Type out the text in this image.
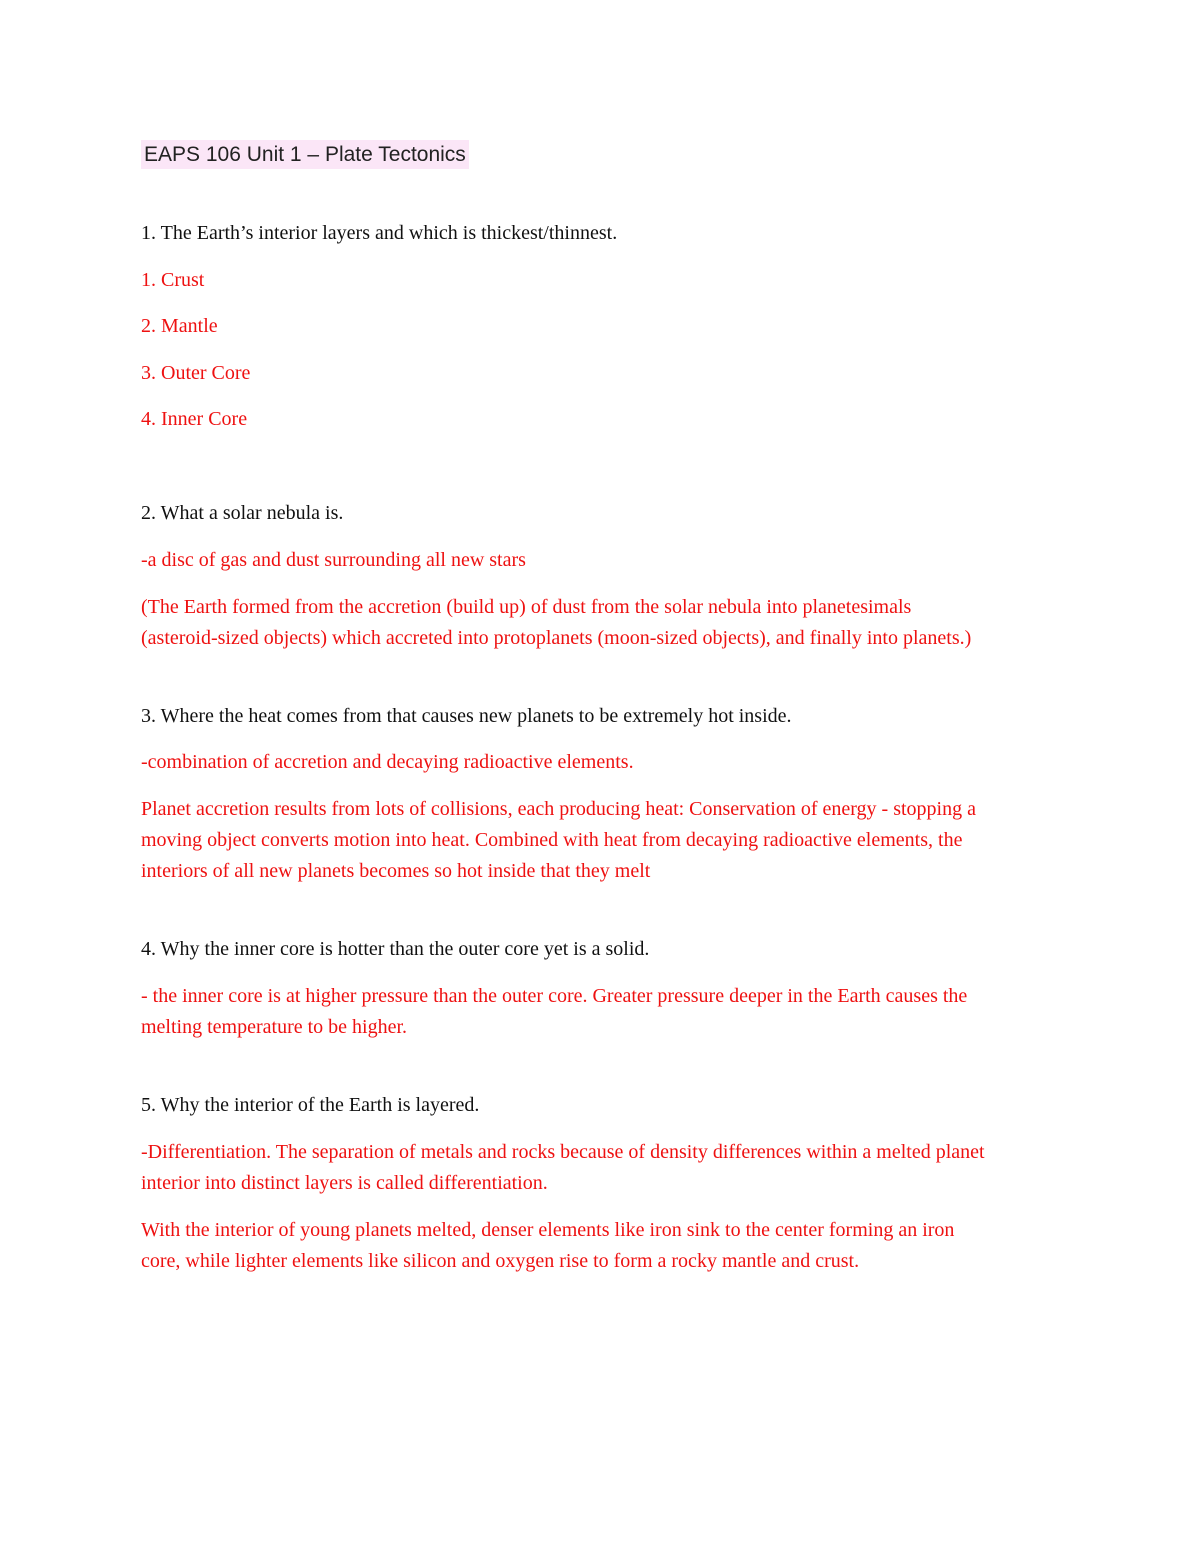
EAPS 106 Unit 1 – Plate Tectonics
1. The Earth’s interior layers and which is thickest/thinnest.
1. Crust
2. Mantle
3. Outer Core
4. Inner Core
2. What a solar nebula is.
-a disc of gas and dust surrounding all new stars
(The Earth formed from the accretion (build up) of dust from the solar nebula into planetesimals
(asteroid-sized objects) which accreted into protoplanets (moon-sized objects), and finally into planets.)
3. Where the heat comes from that causes new planets to be extremely hot inside.
-combination of accretion and decaying radioactive elements.
Planet accretion results from lots of collisions, each producing heat: Conservation of energy - stopping a
moving object converts motion into heat. Combined with heat from decaying radioactive elements, the
interiors of all new planets becomes so hot inside that they melt
4. Why the inner core is hotter than the outer core yet is a solid.
- the inner core is at higher pressure than the outer core. Greater pressure deeper in the Earth causes the
melting temperature to be higher.
5. Why the interior of the Earth is layered.
-Differentiation. The separation of metals and rocks because of density differences within a melted planet
interior into distinct layers is called differentiation.
With the interior of young planets melted, denser elements like iron sink to the center forming an iron
core, while lighter elements like silicon and oxygen rise to form a rocky mantle and crust.
